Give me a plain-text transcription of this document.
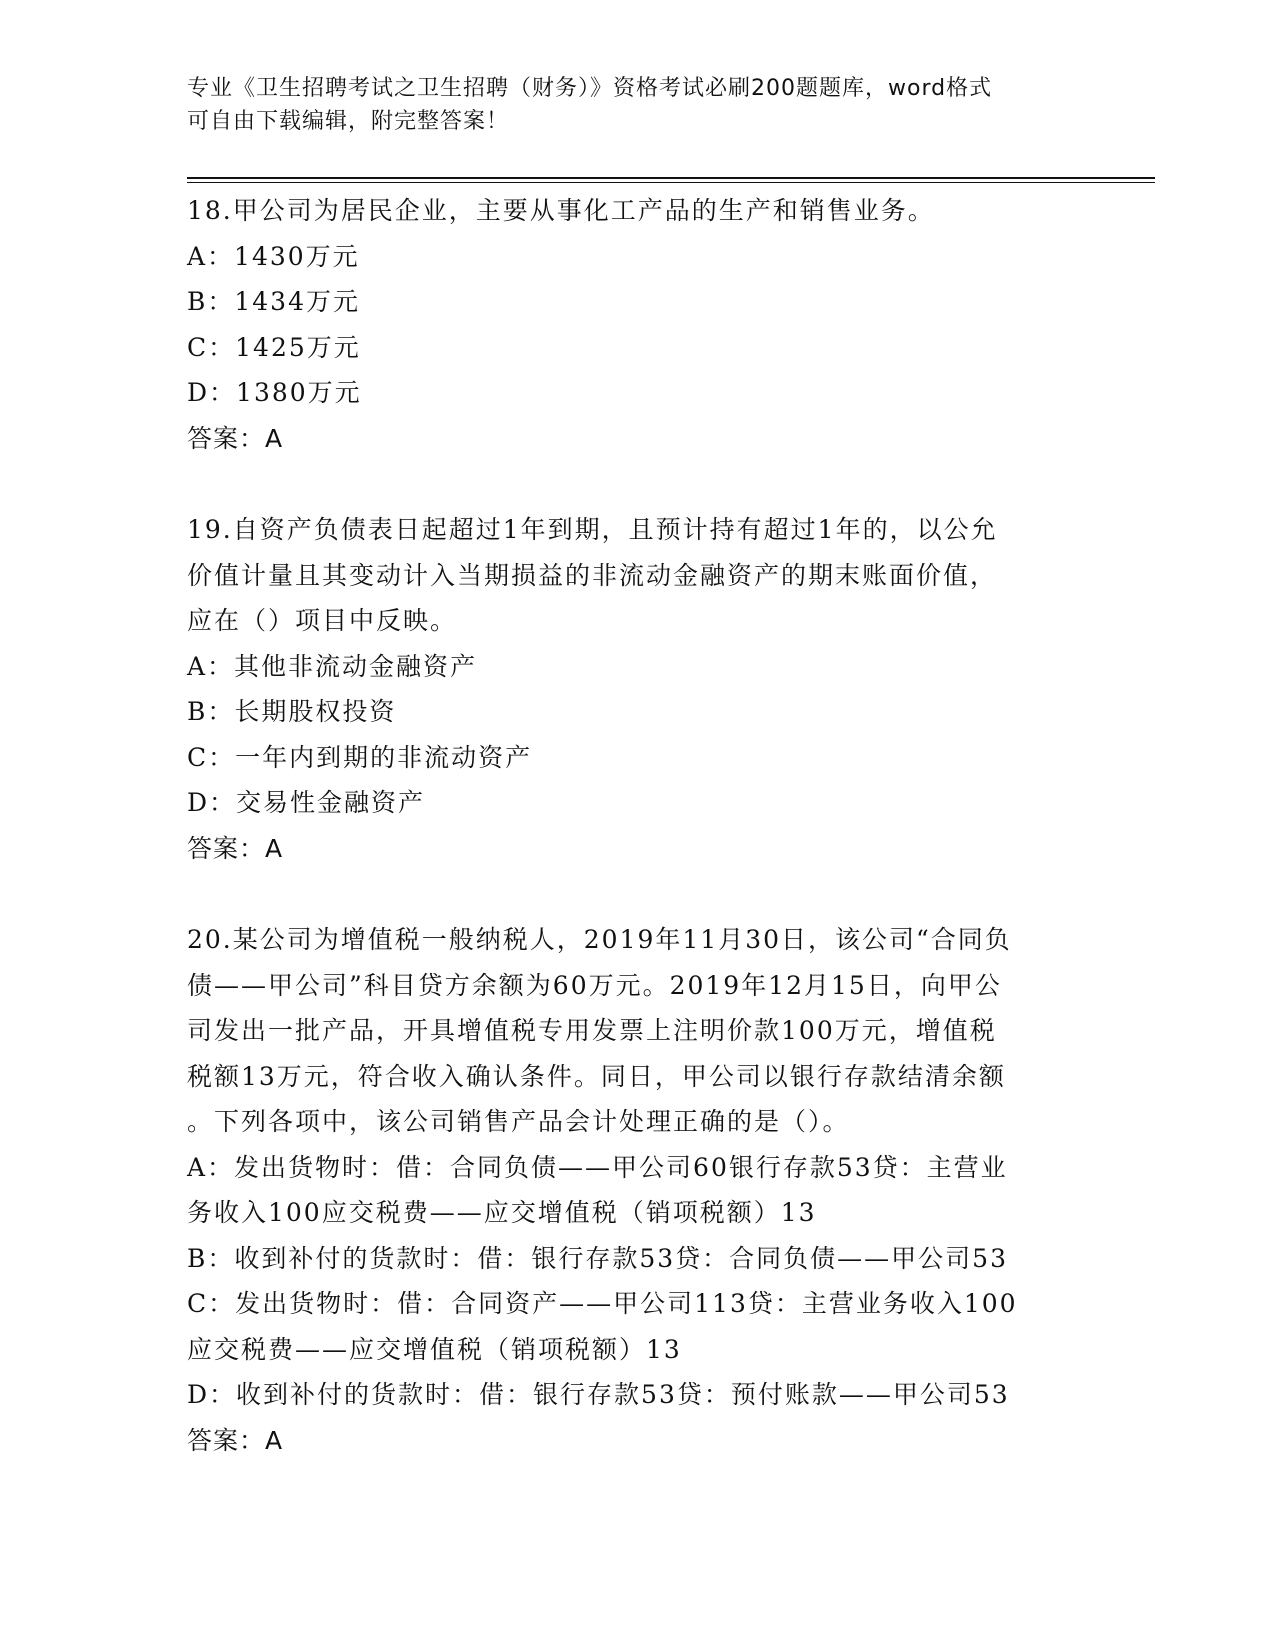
专业《卫生招聘考试之卫生招聘（财务）》资格考试必刷200题题库，word格式
可自由下载编辑，附完整答案！

18.甲公司为居民企业，主要从事化工产品的生产和销售业务。

A：1430万元

B：1434万元

C：1425万元

D：1380万元

答案：A

19.自资产负债表日起超过1年到期，且预计持有超过1年的，以公允

价值计量且其变动计入当期损益的非流动金融资产的期末账面价值，

应在（）项目中反映。

A：其他非流动金融资产

B：长期股权投资

C：一年内到期的非流动资产

D：交易性金融资产

答案：A

20.某公司为增值税一般纳税人，2019年11月30日，该公司“合同负

债——甲公司”科目贷方余额为60万元。2019年12月15日，向甲公

司发出一批产品，开具增值税专用发票上注明价款100万元，增值税

税额13万元，符合收入确认条件。同日，甲公司以银行存款结清余额

。下列各项中，该公司销售产品会计处理正确的是（）。

A：发出货物时：借：合同负债——甲公司60银行存款53贷：主营业

务收入100应交税费——应交增值税（销项税额）13

B：收到补付的货款时：借：银行存款53贷：合同负债——甲公司53

C：发出货物时：借：合同资产——甲公司113贷：主营业务收入100

应交税费——应交增值税（销项税额）13

D：收到补付的货款时：借：银行存款53贷：预付账款——甲公司53

答案：A
